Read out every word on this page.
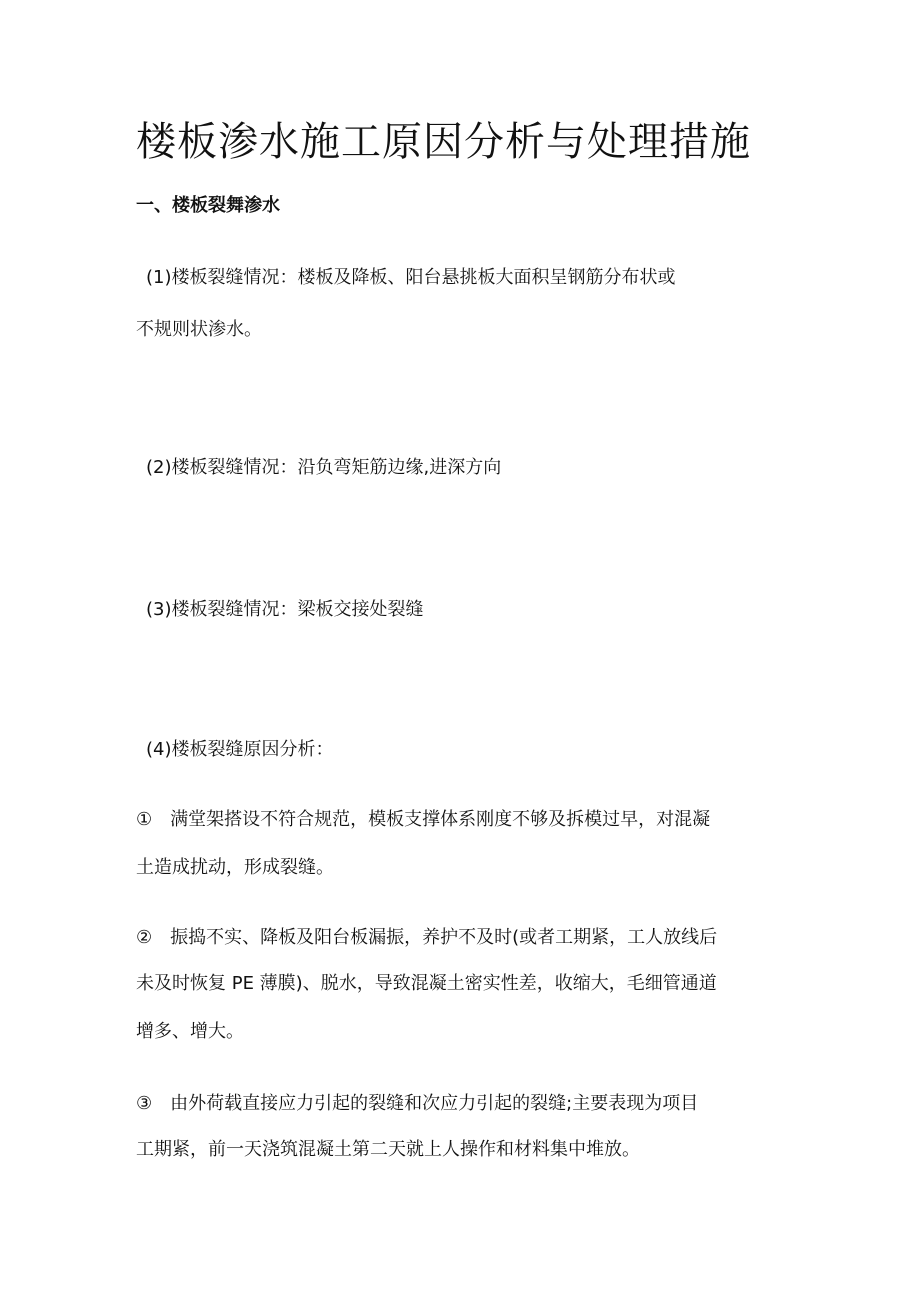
楼板渗水施工原因分析与处理措施
一、楼板裂舞渗水
(1)楼板裂缝情况：楼板及降板、阳台悬挑板大面积呈钢筋分布状或
不规则状渗水。
(2)楼板裂缝情况：沿负弯矩筋边缘,进深方向
(3)楼板裂缝情况：梁板交接处裂缝
(4)楼板裂缝原因分析：
①　满堂架搭设不符合规范，模板支撑体系刚度不够及拆模过早，对混凝
土造成扰动，形成裂缝。
②　振捣不实、降板及阳台板漏振，养护不及时(或者工期紧，工人放线后
未及时恢复 PE 薄膜)、脱水，导致混凝土密实性差，收缩大，毛细管通道
增多、增大。
③　由外荷载直接应力引起的裂缝和次应力引起的裂缝;主要表现为项目
工期紧，前一天浇筑混凝土第二天就上人操作和材料集中堆放。
